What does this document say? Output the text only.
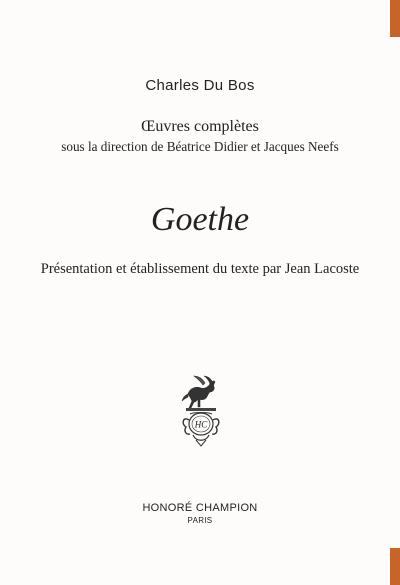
Charles Du Bos
Œuvres complètes
sous la direction de Béatrice Didier et Jacques Neefs
Goethe
Présentation et établissement du texte par Jean Lacoste
HC
HONORÉ CHAMPION
PARIS
